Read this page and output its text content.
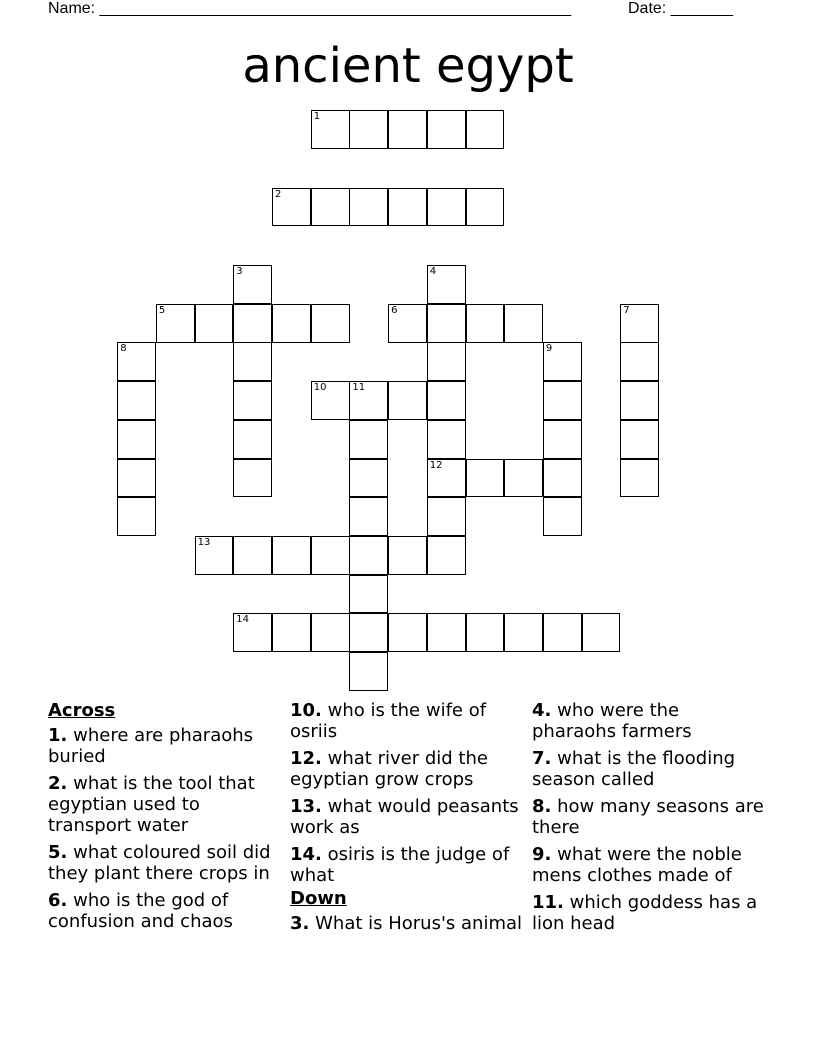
Name: _____________________________________________________	Date: _______
ancient egypt
1
2
3	4
12
5	6	7
8	9
10	11
13
14
Across
1. where are pharaohs buried
2. what is the tool that egyptian used to transport water
5. what coloured soil did they plant there crops in
6. who is the god of confusion and chaos
10. who is the wife of osriis
12. what river did the egyptian grow crops
13. what would peasants work as
14. osiris is the judge of what
Down
3. What is Horus's animal
4. who were the pharaohs farmers
7. what is the flooding season called
8. how many seasons are there
9. what were the noble mens clothes made of
11. which goddess has a lion head
